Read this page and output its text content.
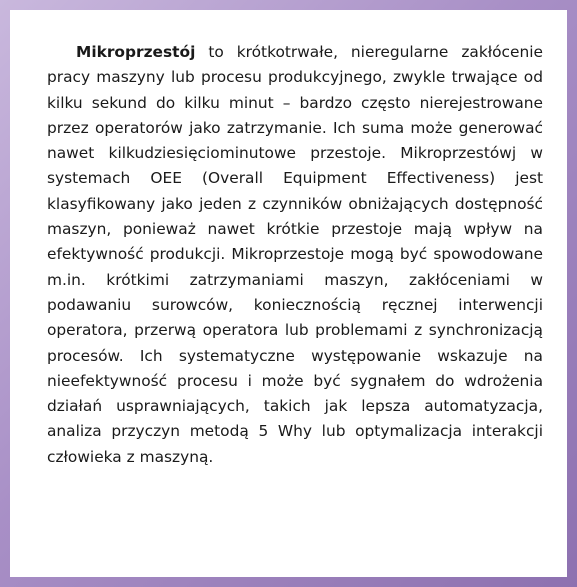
Mikroprzestój to krótkotrwałe, nieregularne zakłócenie pracy maszyny lub procesu produkcyjnego, zwykle trwające od kilku sekund do kilku minut – bardzo często nierejestrowane przez operatorów jako zatrzymanie. Ich suma może generować nawet kilkudziesięciominutowe przestoje. Mikroprzestówj w systemach OEE (Overall Equipment Effectiveness) jest klasyfikowany jako jeden z czynników obniżających dostępność maszyn, ponieważ nawet krótkie przestoje mają wpływ na efektywność produkcji. Mikroprzestoje mogą być spowodowane m.in. krótkimi zatrzymaniami maszyn, zakłóceniami w podawaniu surowców, koniecznością ręcznej interwencji operatora, przerwą operatora lub problemami z synchronizacją procesów. Ich systematyczne występowanie wskazuje na nieefektywność procesu i może być sygnałem do wdrożenia działań usprawniających, takich jak lepsza automatyzacja, analiza przyczyn metodą 5 Why lub optymalizacja interakcji człowieka z maszyną.
